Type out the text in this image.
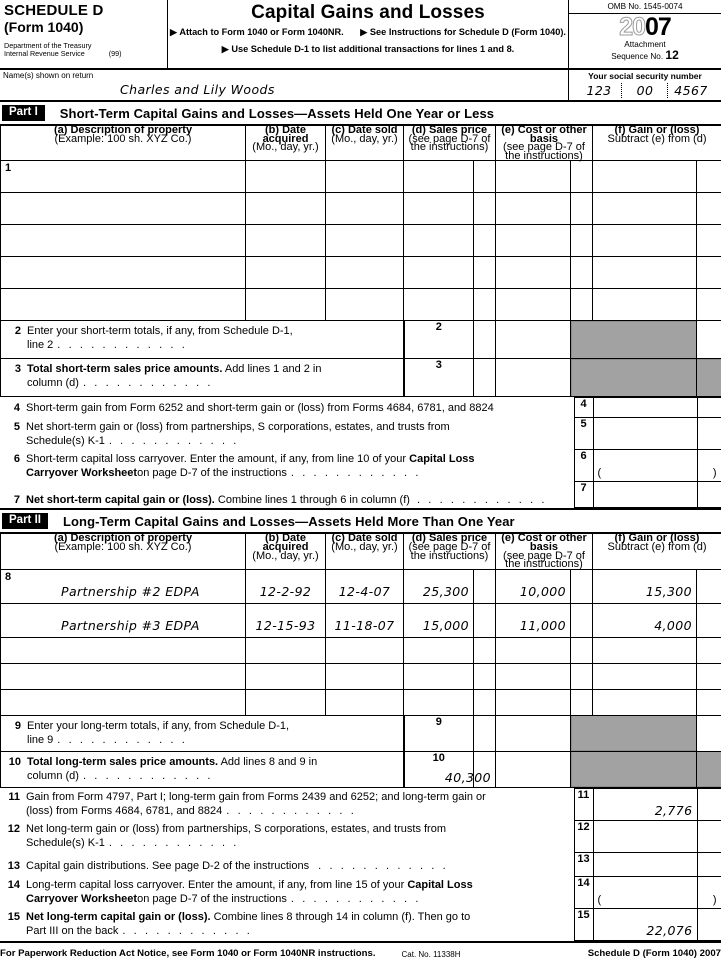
SCHEDULE D
(Form 1040)
Department of the Treasury
Internal Revenue Service	(99)
Capital Gains and Losses
▶ Attach to Form 1040 or Form 1040NR. ▶ See Instructions for Schedule D (Form 1040).
▶ Use Schedule D-1 to list additional transactions for lines 1 and 8.
OMB No. 1545-0074
2007
Attachment
Sequence No. 12
Name(s) shown on return
Charles and Lily Woods
Your social security number
123	00	4567
Part I	Short-Term Capital Gains and Losses—Assets Held One Year or Less
(a) Description of property
(Example: 100 sh. XYZ Co.)

(b) Date
acquired
(Mo., day, yr.)

(c) Date sold
(Mo., day, yr.)

(d) Sales price
(see page D-7 of
the instructions)

(e) Cost or other basis
(see page D-7 of
the instructions)

(f) Gain or (loss)
Subtract (e) from (d)

1								

2 Enter your short-term totals, if any, from Schedule D-1,
line 2 . . . . . . . . . . . .			2		

3 Total short-term sales price amounts. Add lines 1 and 2 in
column (d) . . . . . . . . . . . .			3		

4 Short-term gain from Form 6252 and short-term gain or (loss) from Forms 4684, 6781, and 8824	4	

5 Net short-term gain or (loss) from partnerships, S corporations, estates, and trusts from
Schedule(s) K-1 . . . . . . . . . . . .	5	

6 Short-term capital loss carryover. Enter the amount, if any, from line 10 of your Capital Loss
Carryover Worksheet on page D-7 of the instructions . . . . . . . . . . . .	6	(	)

7 Net short-term capital gain or (loss). Combine lines 1 through 6 in column (f) . . . . . . . . . . . .	7	

Part II	Long-Term Capital Gains and Losses—Assets Held More Than One Year
(a) Description of property
(Example: 100 sh. XYZ Co.)

(b) Date
acquired
(Mo., day, yr.)

(c) Date sold
(Mo., day, yr.)

(d) Sales price
(see page D-7 of
the instructions)

(e) Cost or other basis
(see page D-7 of
the instructions)

(f) Gain or (loss)
Subtract (e) from (d)

8
Partnership #2 EDPA	12-2-92	12-4-07	25,300		10,000		15,300	

Partnership #3 EDPA	12-15-93	11-18-07	15,000		11,000		4,000	

9 Enter your long-term totals, if any, from Schedule D-1,
line 9 . . . . . . . . . . . .			9		

10 Total long-term sales price amounts. Add lines 8 and 9 in
column (d) . . . . . . . . . . . .			10	40,300				

11 Gain from Form 4797, Part I; long-term gain from Forms 2439 and 6252; and long-term gain or
(loss) from Forms 4684, 6781, and 8824 . . . . . . . . . . . .	11	2,776	

12 Net long-term gain or (loss) from partnerships, S corporations, estates, and trusts from
Schedule(s) K-1 . . . . . . . . . . . .	12	

13 Capital gain distributions. See page D-2 of the instructions . . . . . . . . . . . .	13	

14 Long-term capital loss carryover. Enter the amount, if any, from line 15 of your Capital Loss
Carryover Worksheet on page D-7 of the instructions . . . . . . . . . . . .	14	(	)

15 Net long-term capital gain or (loss). Combine lines 8 through 14 in column (f). Then go to
Part III on the back . . . . . . . . . . . .	15	22,076	

For Paperwork Reduction Act Notice, see Form 1040 or Form 1040NR instructions.	Cat. No. 11338H	Schedule D (Form 1040) 2007
